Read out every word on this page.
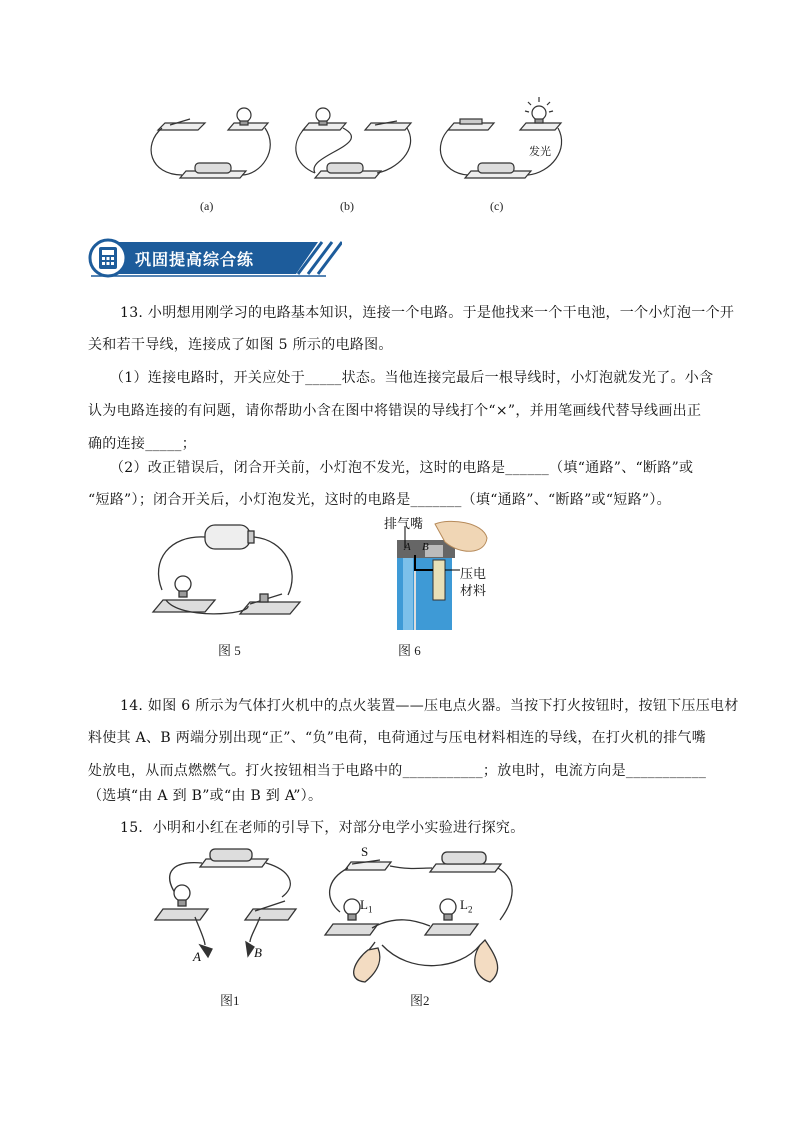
(a)	(b)	(c)
发光
巩固提高综合练
13. 小明想用刚学习的电路基本知识，连接一个电路。于是他找来一个干电池，一个小灯泡一个开
关和若干导线，连接成了如图 5 所示的电路图。
（1）连接电路时，开关应处于_____状态。当他连接完最后一根导线时，小灯泡就发光了。小含
认为电路连接的有问题，请你帮助小含在图中将错误的导线打个“×”，并用笔画线代替导线画出正
确的连接_____；
（2）改正错误后，闭合开关前，小灯泡不发光，这时的电路是______（填“通路”、“断路”或
“短路”）；闭合开关后，小灯泡发光，这时的电路是_______（填“通路”、“断路”或“短路”）。
图 5
排气嘴
A B
压电
材料
图 6
14. 如图 6 所示为气体打火机中的点火装置——压电点火器。当按下打火按钮时，按钮下压压电材
料使其 A、B 两端分别出现“正”、“负”电荷，电荷通过与压电材料相连的导线，在打火机的排气嘴
处放电，从而点燃燃气。打火按钮相当于电路中的___________；放电时，电流方向是___________
（选填“由 A 到 B”或“由 B 到 A”）。
15．小明和小红在老师的引导下，对部分电学小实验进行探究。
A	B
图1
S
$L_1$	$L_2$
图2
